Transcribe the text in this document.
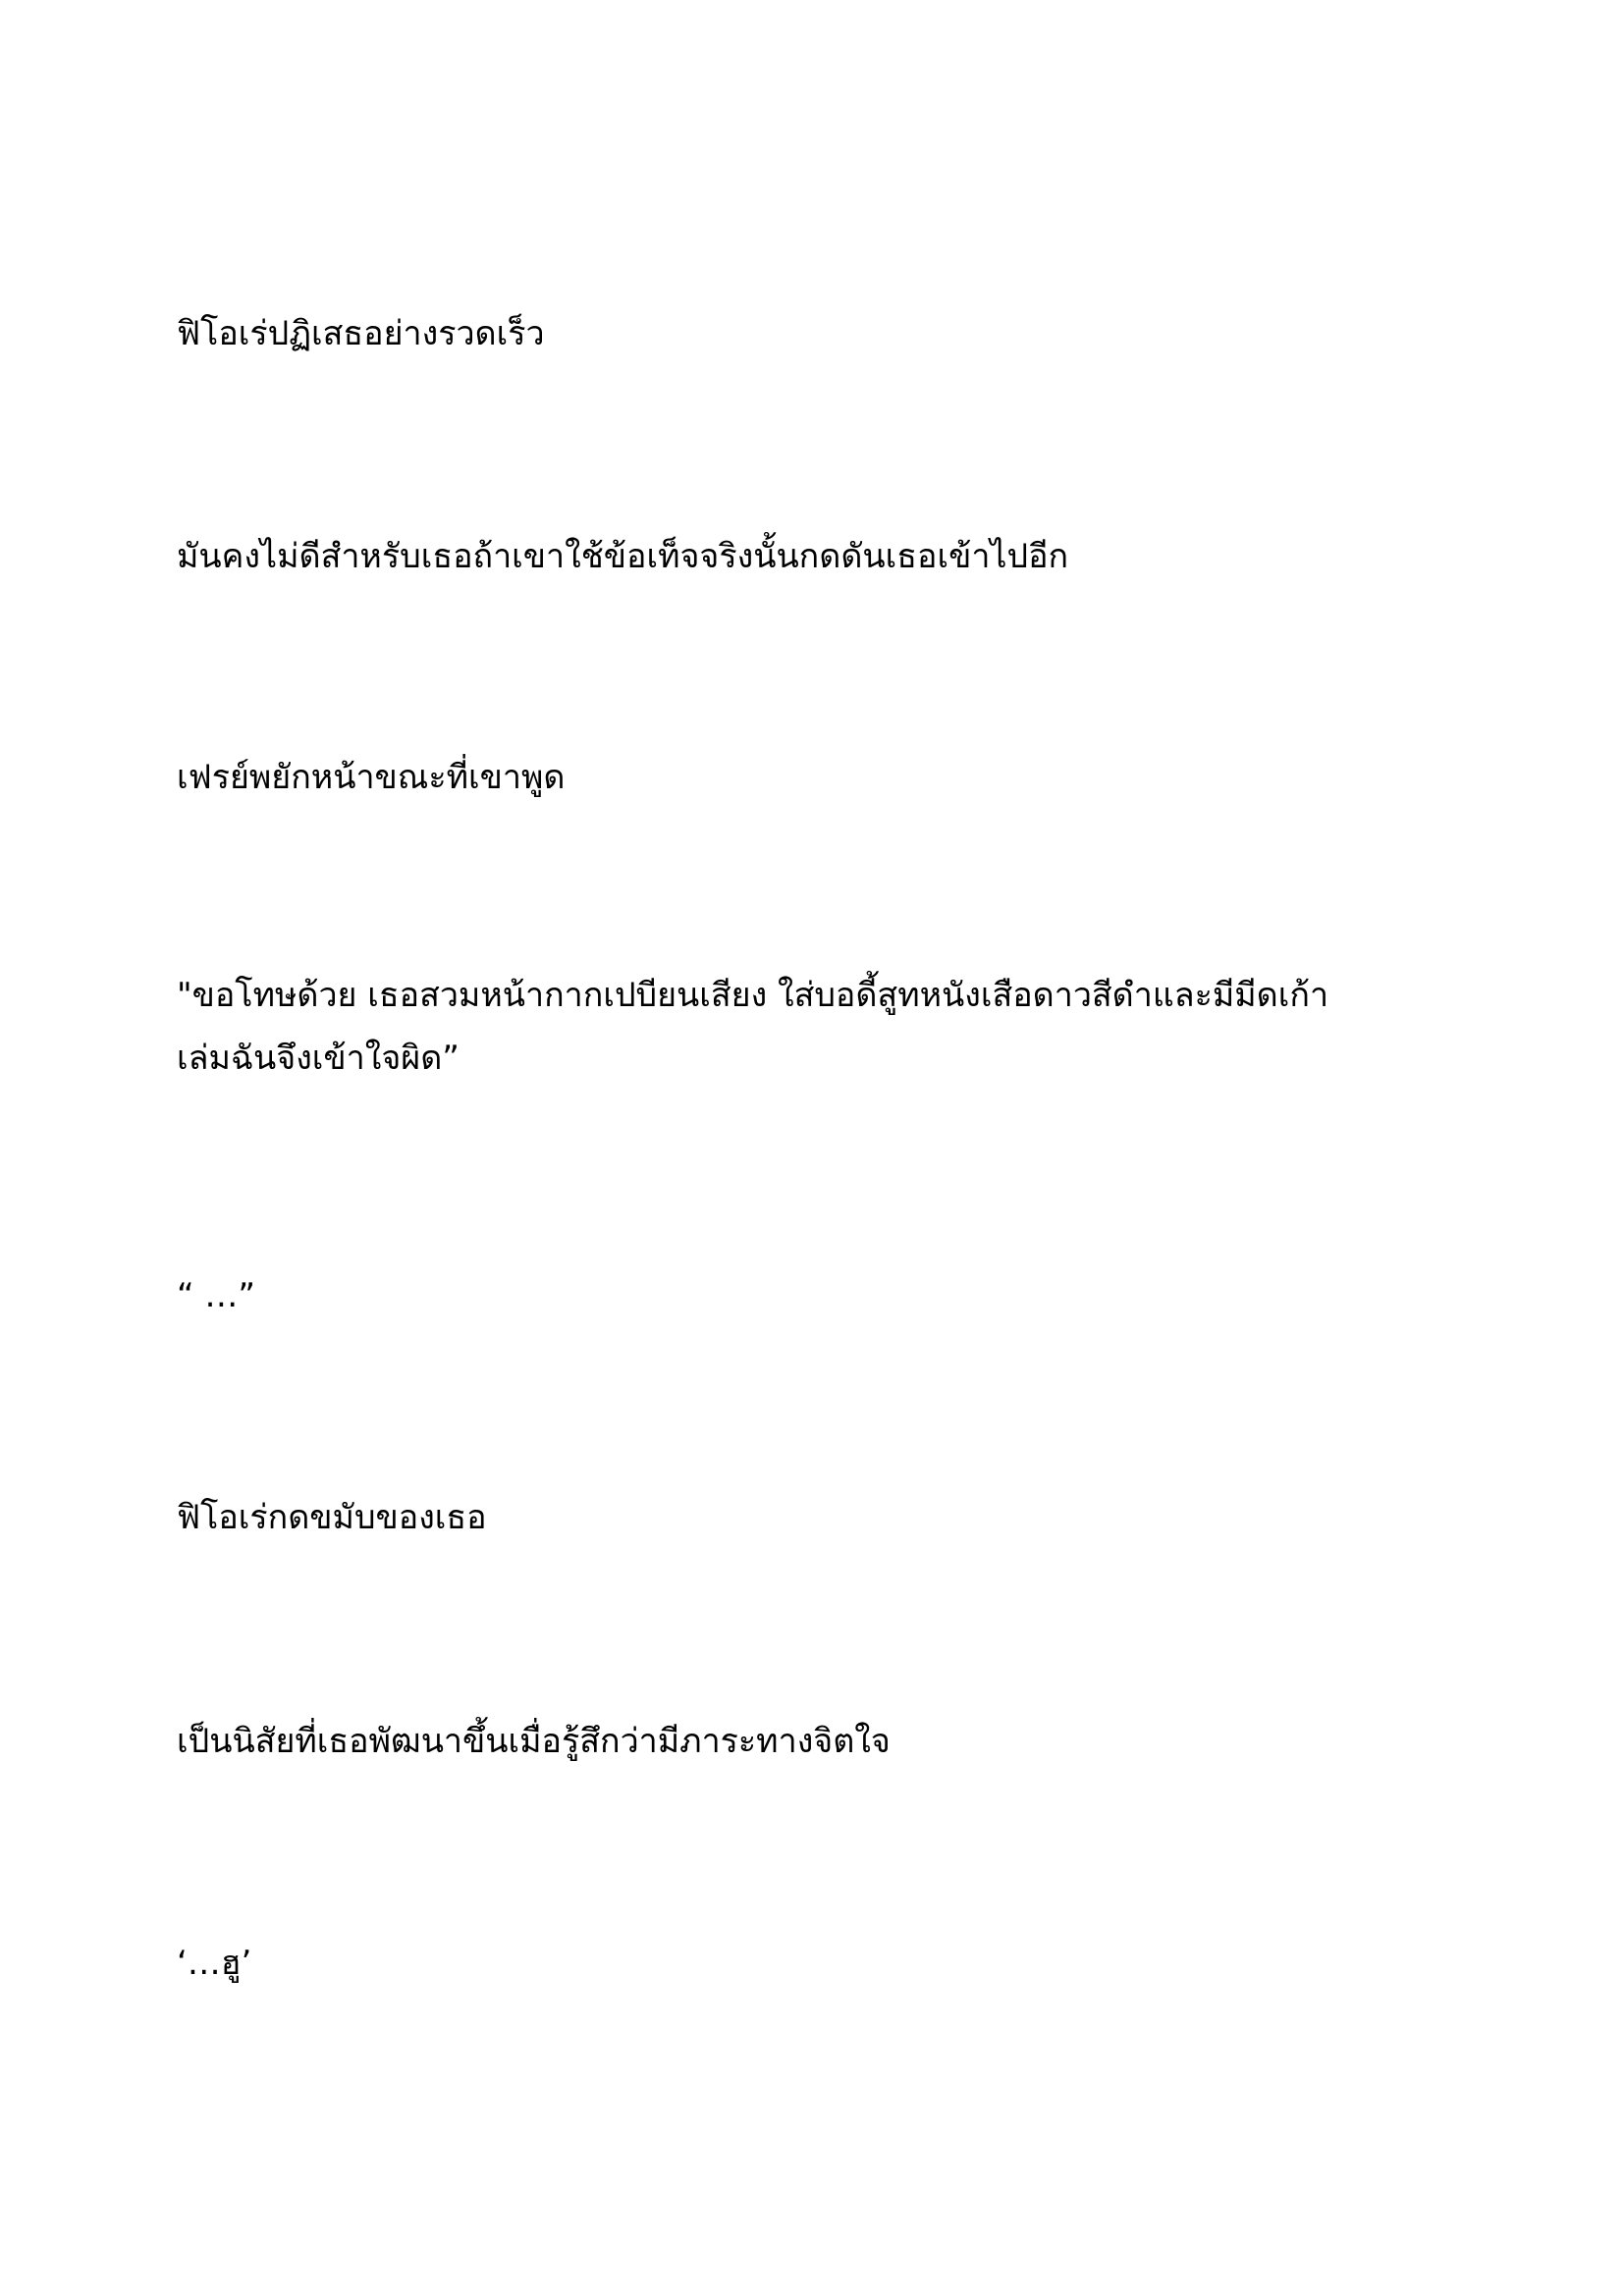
ฟิโอเร่ปฏิเสธอย่างรวดเร็ว

มันคงไม่ดีสำหรับเธอถ้าเขาใช้ข้อเท็จจริงนั้นกดดันเธอเข้าไปอีก

เฟรย์พยักหน้าขณะที่เขาพูด

"ขอโทษด้วย เธอสวมหน้ากากเปบียนเสียง ใส่บอดี้สูทหนังเสือดาวสีดำและมีมีดเก้า
เล่มฉันจึงเข้าใจผิด”

“ …”

ฟิโอเร่กดขมับของเธอ

เป็นนิสัยที่เธอพัฒนาขึ้นเมื่อรู้สึกว่ามีภาระทางจิตใจ

‘…ฮู’
